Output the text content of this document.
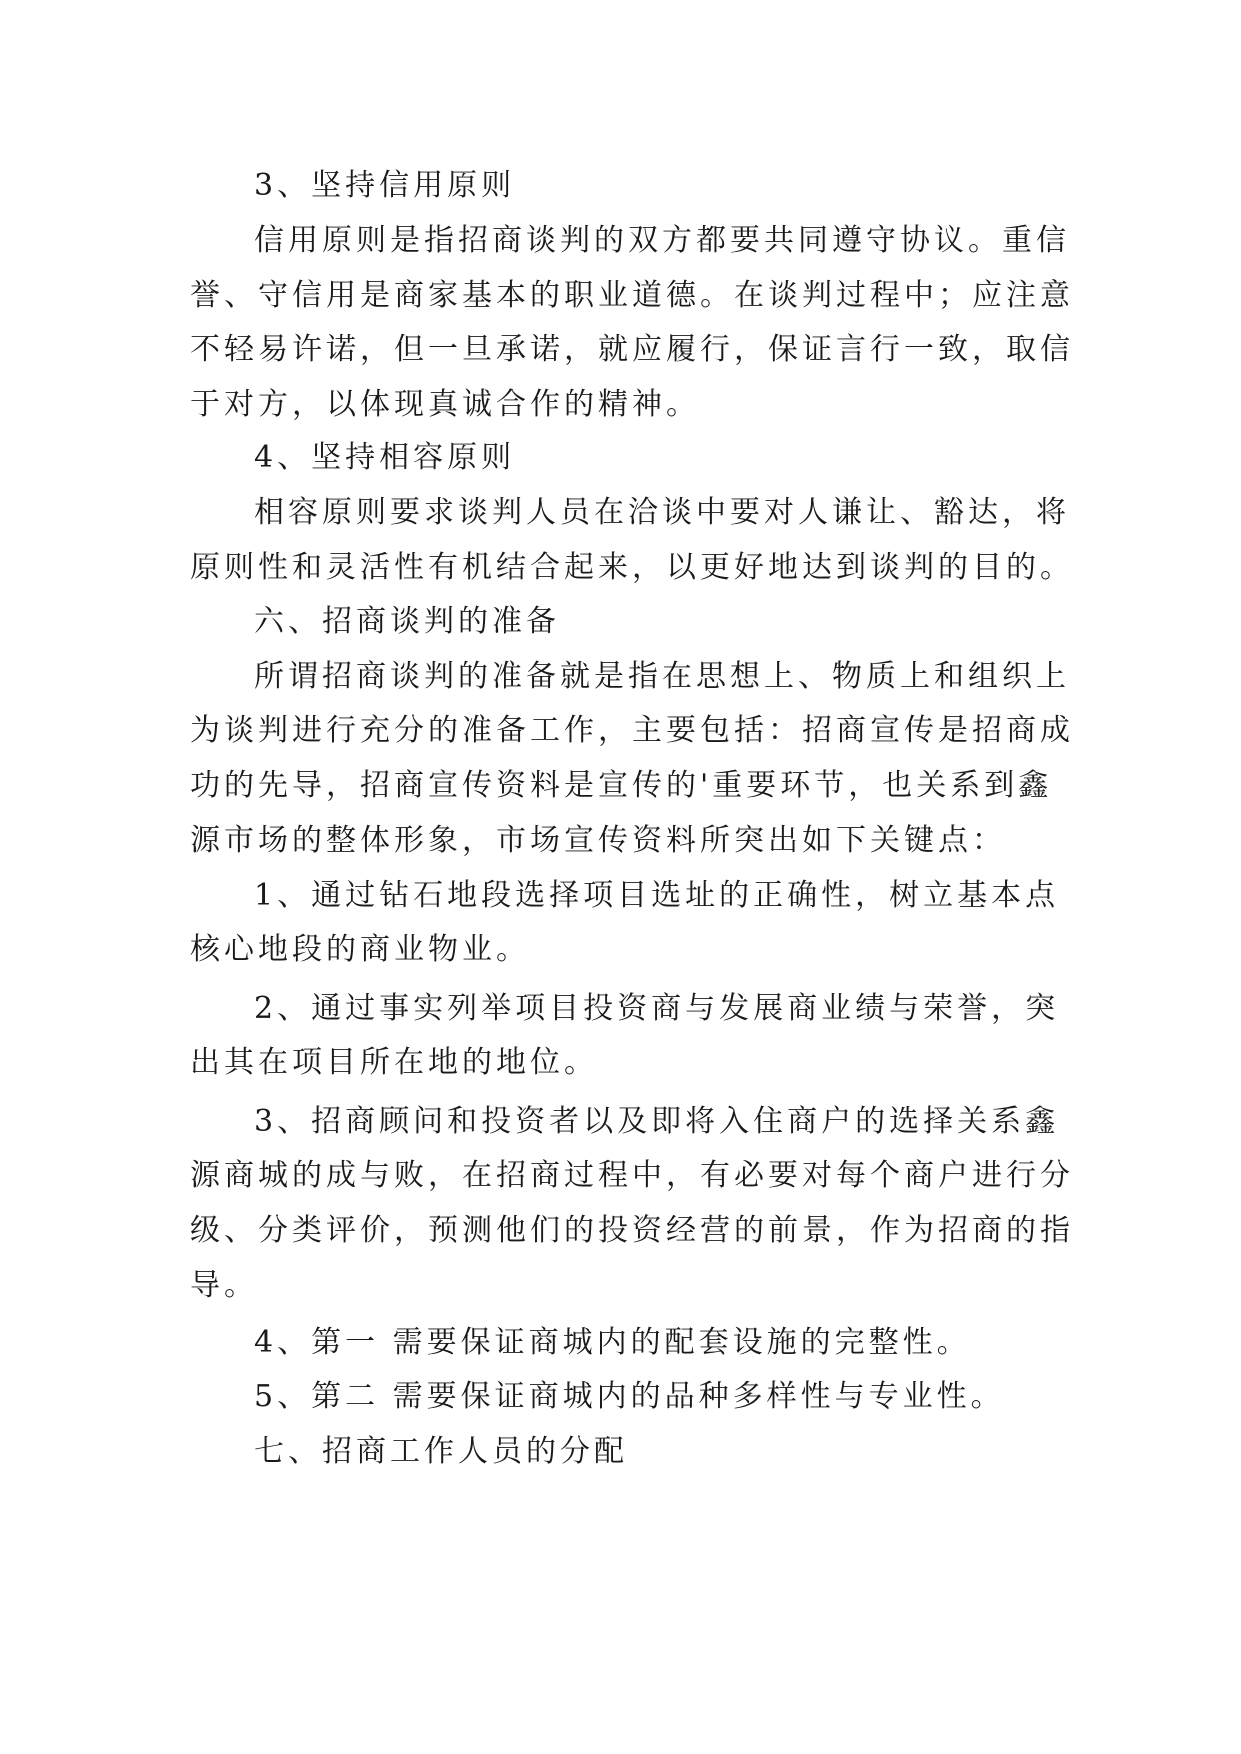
3、坚持信用原则
信用原则是指招商谈判的双方都要共同遵守协议。重信
誉、守信用是商家基本的职业道德。在谈判过程中；应注意
不轻易许诺，但一旦承诺，就应履行，保证言行一致，取信
于对方，以体现真诚合作的精神。
4、坚持相容原则
相容原则要求谈判人员在洽谈中要对人谦让、豁达，将
原则性和灵活性有机结合起来，以更好地达到谈判的目的。
六、招商谈判的准备
所谓招商谈判的准备就是指在思想上、物质上和组织上
为谈判进行充分的准备工作，主要包括：招商宣传是招商成
功的先导，招商宣传资料是宣传的'重要环节，也关系到鑫
源市场的整体形象，市场宣传资料所突出如下关键点：
1、通过钻石地段选择项目选址的正确性，树立基本点
核心地段的商业物业。
2、通过事实列举项目投资商与发展商业绩与荣誉，突
出其在项目所在地的地位。
3、招商顾问和投资者以及即将入住商户的选择关系鑫
源商城的成与败，在招商过程中，有必要对每个商户进行分
级、分类评价，预测他们的投资经营的前景，作为招商的指
导。
4、第一 需要保证商城内的配套设施的完整性。
5、第二 需要保证商城内的品种多样性与专业性。
七、招商工作人员的分配
